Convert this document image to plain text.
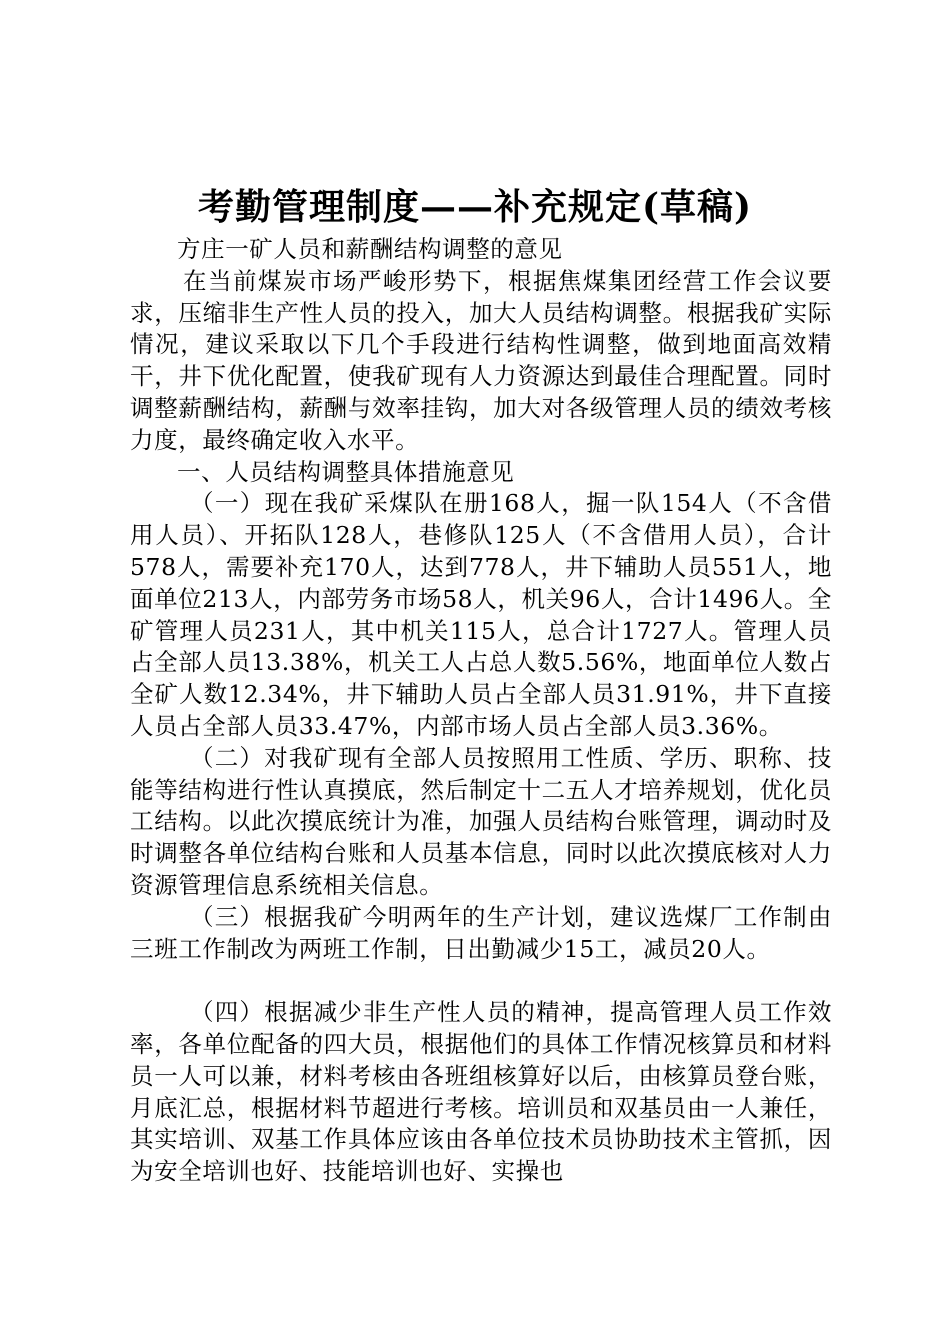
考勤管理制度——补充规定(草稿)

方庄一矿人员和薪酬结构调整的意见

在当前煤炭市场严峻形势下，根据焦煤集团经营工作会议要求，压缩非生产性人员的投入，加大人员结构调整。根据我矿实际情况，建议采取以下几个手段进行结构性调整，做到地面高效精干，井下优化配置，使我矿现有人力资源达到最佳合理配置。同时调整薪酬结构，薪酬与效率挂钩，加大对各级管理人员的绩效考核力度，最终确定收入水平。

一、人员结构调整具体措施意见

（一）现在我矿采煤队在册168人，掘一队154人（不含借用人员）、开拓队128人，巷修队125人（不含借用人员），合计578人，需要补充170人，达到778人，井下辅助人员551人，地面单位213人，内部劳务市场58人，机关96人，合计1496人。全矿管理人员231人，其中机关115人，总合计1727人。管理人员占全部人员13.38%，机关工人占总人数5.56%，地面单位人数占全矿人数12.34%，井下辅助人员占全部人员31.91%，井下直接人员占全部人员33.47%，内部市场人员占全部人员3.36%。

（二）对我矿现有全部人员按照用工性质、学历、职称、技能等结构进行性认真摸底，然后制定十二五人才培养规划，优化员工结构。以此次摸底统计为准，加强人员结构台账管理，调动时及时调整各单位结构台账和人员基本信息，同时以此次摸底核对人力资源管理信息系统相关信息。

（三）根据我矿今明两年的生产计划，建议选煤厂工作制由三班工作制改为两班工作制，日出勤减少15工，减员20人。

（四）根据减少非生产性人员的精神，提高管理人员工作效率，各单位配备的四大员，根据他们的具体工作情况核算员和材料员一人可以兼，材料考核由各班组核算好以后，由核算员登台账，月底汇总，根据材料节超进行考核。培训员和双基员由一人兼任，其实培训、双基工作具体应该由各单位技术员协助技术主管抓，因为安全培训也好、技能培训也好、实操也
